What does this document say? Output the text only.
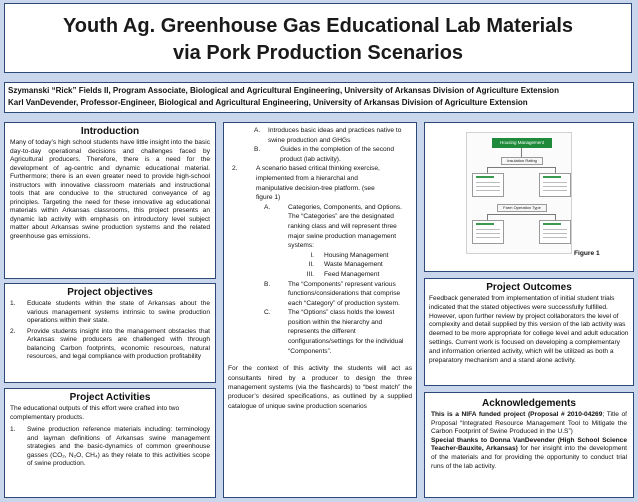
Youth Ag. Greenhouse Gas Educational Lab Materials
via Pork Production Scenarios
Szymanski “Rick” Fields II, Program Associate, Biological and Agricultural Engineering, University of Arkansas Division of Agriculture Extension
Karl VanDevender, Professor-Engineer, Biological and Agricultural Engineering, University of Arkansas Division of Agriculture Extension
Introduction

Many of today’s high school students have little insight into the basic day-to-day operational decisions and challenges faced by Agricultural producers. Therefore, there is a need for the development of ag-centric and dynamic educational material. Furthermore; there is an even greater need to provide high-school instructors with innovative classroom materials and instructional tools that are conducive to the structured conveyance of ag principles. Targeting the need for these innovative ag educational materials within Arkansas classrooms, this project presents an dynamic lab activity with emphasis on introductory level subject matter about Arkansas swine production systems and the related greenhouse gas emissions.

Project objectives
1.	Educate students within the state of Arkansas about the various management systems intrinsic to swine production operations within their state.
2.	Provide students insight into the management obstacles that Arkansas swine producers are challenged with through balancing Carbon footprints, economic resources, natural resources, and legal compliance with production profitability
Project Activities

The educational outputs of this effort were crafted into two complementary products.

1.	Swine production reference materials including: terminology and layman definitions of Arkansas swine management strategies and the basic-dynamics of common greenhouse gasses (CO₂, N₂O, CH₄) as they relate to this activities scope of swine production.
A.	Introduces basic ideas and practices native to swine production and GHGs
B.	Guides in the completion of the second product (lab activity).
2.	A scenario based critical thinking exercise, implemented from a hierarchal and manipulative decision-tree platform. (see figure 1)
A.	Categories, Components, and Options. The “Categories” are the designated ranking class and will represent three major swine production management systems:
I.	Housing Management
II.	Waste Management
III.	Feed Management
B.	The “Components” represent various functions/considerations that comprise each “Category” of production system.
C.	The “Options” class holds the lowest position within the hierarchy and represents the different configurations/settings for the individual “Components”.

For the context of this activity the students will act as consultants hired by a producer to design the three management systems (via the flashcards) to “best match” the producer’s desired specifications, as outlined by a supplied catalogue of unique swine production scenarios

Housing Management
Insulation Rating
Farm Operation Type
Figure 1
Project Outcomes

Feedback generated from implementation of initial student trials indicated that the stated objectives were successfully fulfilled. However, upon further review by project collaborators the level of complexity and detail supplied by this version of the lab activity was deemed to be more appropriate for college level and adult education settings. Current work is focused on developing a complementary and information oriented activity, which will be utilized as both a preparatory mechanism and a stand alone activity.

Acknowledgements

This is a NIFA funded project (Proposal # 2010-04269; Title of Proposal “Integrated Resource Management Tool to Mitigate the Carbon Footprint of Swine Produced in the U.S”)

Special thanks to Donna VanDevender (High School Science Teacher-Bauxite, Arkansas) for her insight into the development of the materials and for providing the opportunity to conduct trial runs of the lab activity.
